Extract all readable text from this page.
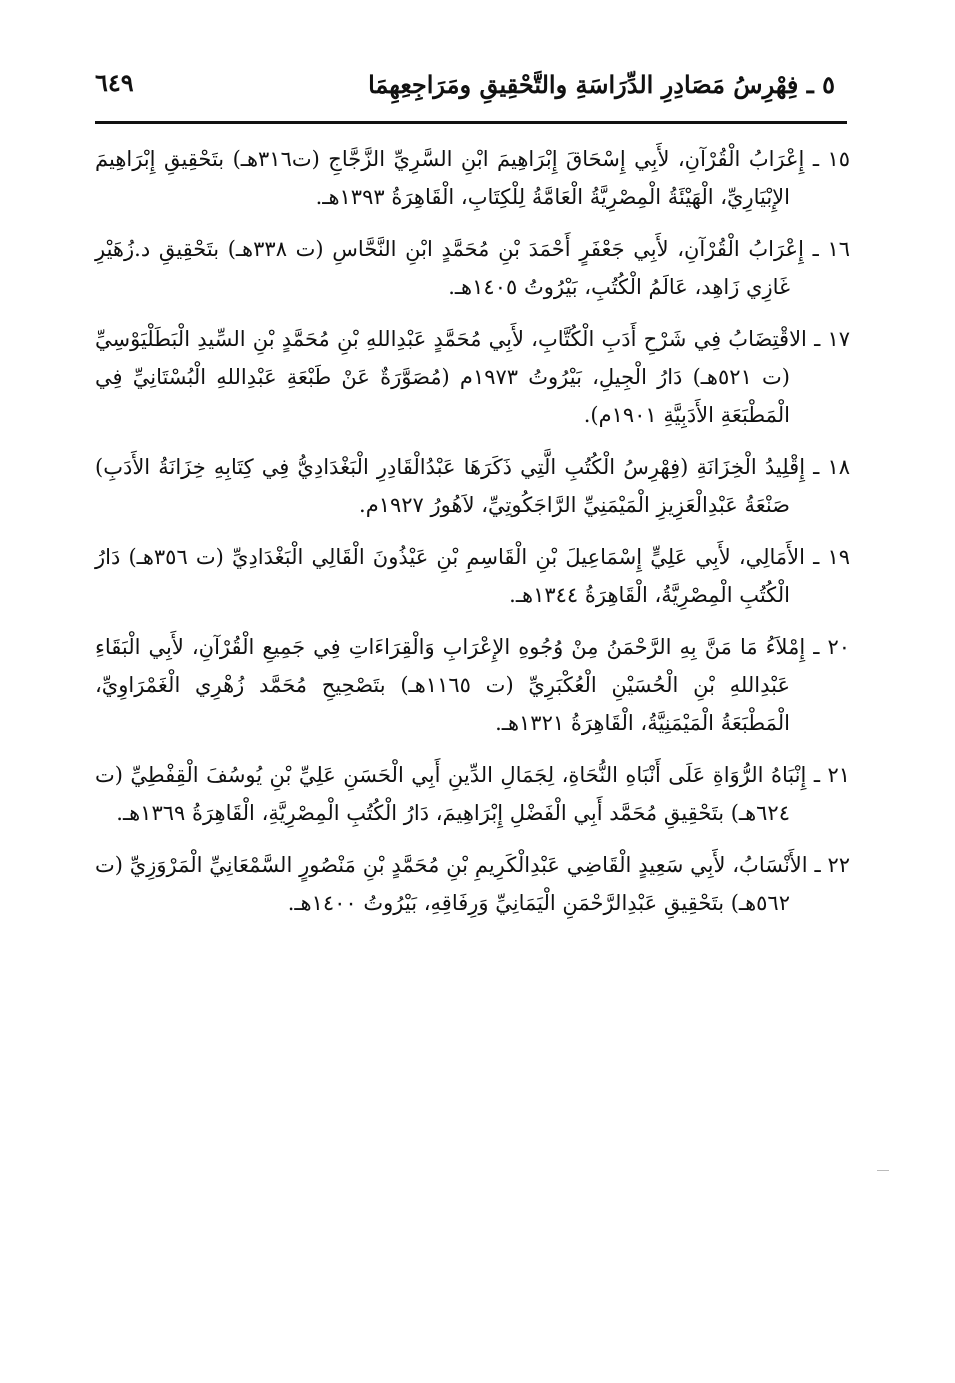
٥ ـ فِهْرِسُ مَصَادِرِ الدِّرَاسَةِ والتَّحْقِيقِ ومَرَاجِعِهِمَا
٦٤٩
١٥ ـ إِعْرَابُ الْقُرْآنِ، لأَبِي إِسْحَاقَ إِبْرَاهِيمَ ابْنِ السَّرِيِّ الزَّجَّاجِ (ت٣١٦هـ) بتَحْقِيقِ إِبْرَاهِيمَ الإِبْيَارِيِّ، الْهَيْئَةُ الْمِصْرِيَّةُ الْعَامَّةُ لِلْكِتَابِ، الْقَاهِرَةُ ١٣٩٣هـ.
١٦ ـ إِعْرَابُ الْقُرْآنِ، لأَبِي جَعْفَرٍ أَحْمَدَ بْنِ مُحَمَّدٍ ابْنِ النَّحَّاسِ (ت ٣٣٨هـ) بتَحْقِيقِ د.زُهَيْرِ غَازِي زَاهِد، عَالَمُ الْكُتُبِ، بَيْرُوتُ ١٤٠٥هـ.
١٧ ـ الاقْتِضَابُ فِي شَرْحِ أَدَبِ الْكُتَّابِ، لأَبِي مُحَمَّدٍ عَبْدِاللهِ بْنِ مُحَمَّدٍ بْنِ السِّيدِ الْبَطَلْيَوْسِيِّ (ت ٥٢١هـ) دَارُ الْجِيلِ، بَيْرُوتُ ١٩٧٣م (مُصَوَّرَةٌ عَنْ طَبْعَةِ عَبْدِاللهِ الْبُسْتَانِيِّ فِي الْمَطْبَعَةِ الأَدَبِيَّةِ ١٩٠١م).
١٨ ـ إِقْلِيدُ الْخِزَانَةِ (فِهْرِسُ الْكُتُبِ الَّتِي ذَكَرَهَا عَبْدُالْقَادِرِ الْبَغْدَادِيُّ فِي كِتَابِهِ خِزَانَةُ الأَدَبِ) صَنْعَةُ عَبْدِالْعَزِيزِ الْمَيْمَنِيِّ الرَّاجَكُوتِيِّ، لاَهُورُ ١٩٢٧م.
١٩ ـ الأَمَالِي، لأَبِي عَلِيٍّ إِسْمَاعِيلَ بْنِ الْقَاسِمِ بْنِ عَيْذُونَ الْقَالِي الْبَغْدَادِيِّ (ت ٣٥٦هـ) دَارُ الْكُتُبِ الْمِصْرِيَّةُ، الْقَاهِرَةُ ١٣٤٤هـ.
٢٠ ـ إِمْلاَءُ مَا مَنَّ بِهِ الرَّحْمَنُ مِنْ وُجُوهِ الإِعْرَابِ وَالْقِرَاءَاتِ فِي جَمِيعِ الْقُرْآنِ، لأَبِي الْبَقَاءِ عَبْدِاللهِ بْنِ الْحُسَيْنِ الْعُكْبَرِيِّ (ت ١١٦٥هـ) بتَصْحِيحِ مُحَمَّد زُهْرِي الْغَمْرَاوِيِّ، الْمَطْبَعَةُ الْمَيْمَنِيَّةُ، الْقَاهِرَةُ ١٣٢١هـ.
٢١ ـ إِنْبَاهُ الرُّوَاةِ عَلَى أَنْبَاهِ النُّحَاةِ، لِجَمَالِ الدِّينِ أَبِي الْحَسَنِ عَلِيِّ بْنِ يُوسُفَ الْقِفْطِيِّ (ت ٦٢٤هـ) بتَحْقِيقِ مُحَمَّد أَبِي الْفَضْلِ إِبْرَاهِيمَ، دَارُ الْكُتُبِ الْمِصْرِيَّةِ، الْقَاهِرَةُ ١٣٦٩هـ.
٢٢ ـ الأَنْسَابُ، لأَبِي سَعِيدٍ الْقَاضِي عَبْدِالْكَرِيمِ بْنِ مُحَمَّدٍ بْنِ مَنْصُورٍ السَّمْعَانِيِّ الْمَرْوَزِيِّ (ت ٥٦٢هـ) بتَحْقِيقِ عَبْدِالرَّحْمَنِ الْيَمَانِيِّ وَرِفَاقِهِ، بَيْرُوتُ ١٤٠٠هـ.
